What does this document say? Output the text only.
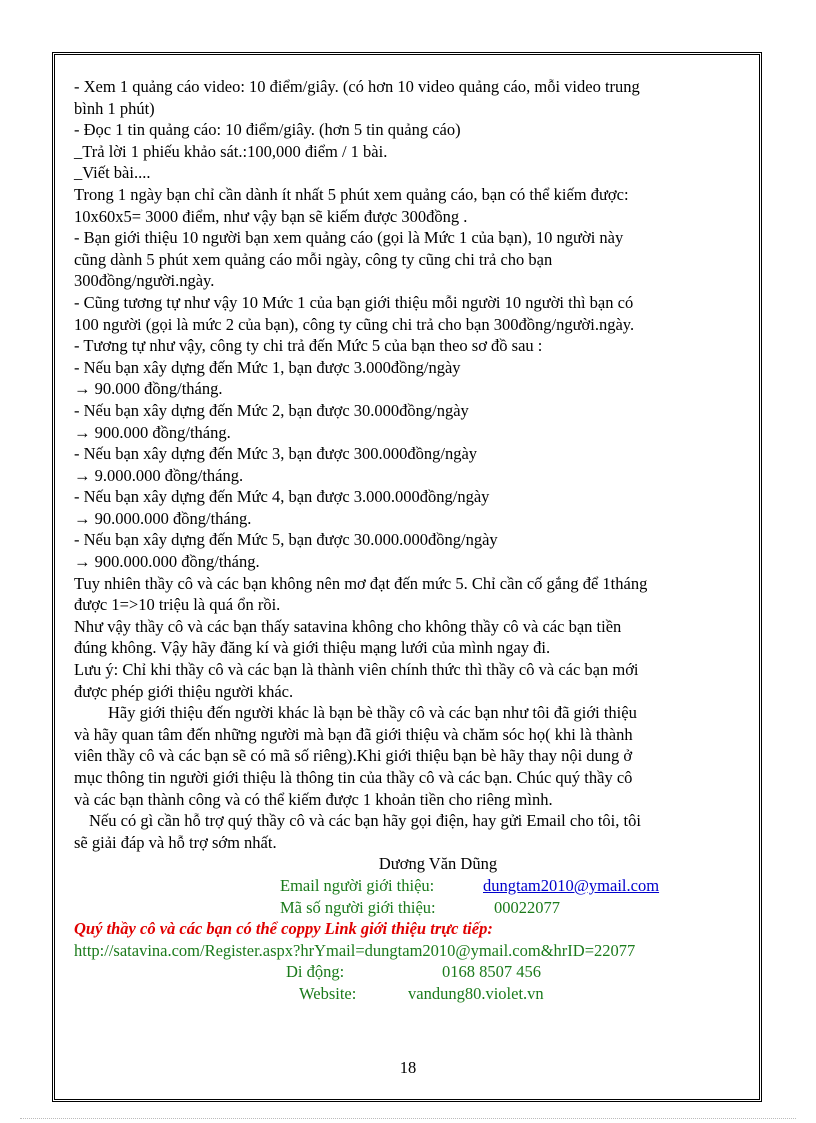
- Xem 1 quảng cáo video: 10 điểm/giây. (có hơn 10 video quảng cáo, mỗi video trung
bình 1 phút)
- Đọc 1 tin quảng cáo: 10 điểm/giây. (hơn 5 tin quảng cáo)
_Trả lời 1 phiếu khảo sát.:100,000 điểm / 1 bài.
_Viết bài....
Trong 1 ngày bạn chỉ cần dành ít nhất 5 phút xem quảng cáo, bạn có thể kiếm được:
10x60x5= 3000 điểm, như vậy bạn sẽ kiếm được 300đồng .
- Bạn giới thiệu 10 người bạn xem quảng cáo (gọi là Mức 1 của bạn), 10 người này
cũng dành 5 phút xem quảng cáo mỗi ngày, công ty cũng chi trả cho bạn
300đồng/người.ngày.
- Cũng tương tự như vậy 10 Mức 1 của bạn giới thiệu mỗi người 10 người thì bạn có
100 người (gọi là mức 2 của bạn), công ty cũng chi trả cho bạn 300đồng/người.ngày.
- Tương tự như vậy, công ty chi trả đến Mức 5 của bạn theo sơ đồ sau :
- Nếu bạn xây dựng đến Mức 1, bạn được 3.000đồng/ngày
→ 90.000 đồng/tháng.
- Nếu bạn xây dựng đến Mức 2, bạn được 30.000đồng/ngày
→ 900.000 đồng/tháng.
- Nếu bạn xây dựng đến Mức 3, bạn được 300.000đồng/ngày
→ 9.000.000 đồng/tháng.
- Nếu bạn xây dựng đến Mức 4, bạn được 3.000.000đồng/ngày
→ 90.000.000 đồng/tháng.
- Nếu bạn xây dựng đến Mức 5, bạn được 30.000.000đồng/ngày
→ 900.000.000 đồng/tháng.
Tuy nhiên thầy cô và các bạn không nên mơ đạt đến mức 5. Chỉ cần cố gắng để 1tháng
được 1=>10 triệu là quá ổn rồi.
Như vậy thầy cô và các bạn thấy satavina không cho không thầy cô và các bạn tiền
đúng không. Vậy hãy đăng kí và giới thiệu mạng lưới của mình ngay đi.
Lưu ý: Chỉ khi thầy cô và các bạn là thành viên chính thức thì thầy cô và các bạn mới
được phép giới thiệu người khác.
Hãy giới thiệu đến người khác là bạn bè thầy cô và các bạn như tôi đã giới thiệu
và hãy quan tâm đến những người mà bạn đã giới thiệu và chăm sóc họ( khi là thành
viên thầy cô và các bạn sẽ có mã số riêng).Khi giới thiệu bạn bè hãy thay nội dung ở
mục thông tin người giới thiệu là thông tin của thầy cô và các bạn. Chúc quý thầy cô
và các bạn thành công và có thể kiếm được 1 khoản tiền cho riêng mình.
Nếu có gì cần hỗ trợ quý thầy cô và các bạn hãy gọi điện, hay gửi Email cho tôi, tôi
sẽ giải đáp và hỗ trợ sớm nhất.
Dương Văn Dũng
Email người giới thiệu:	dungtam2010@ymail.com
Mã số người giới thiệu:	00022077
Quý thầy cô và các bạn có thể coppy Link giới thiệu trực tiếp:
http://satavina.com/Register.aspx?hrYmail=dungtam2010@ymail.com&hrID=22077
Di động:	0168 8507 456
Website:	vandung80.violet.vn
18
